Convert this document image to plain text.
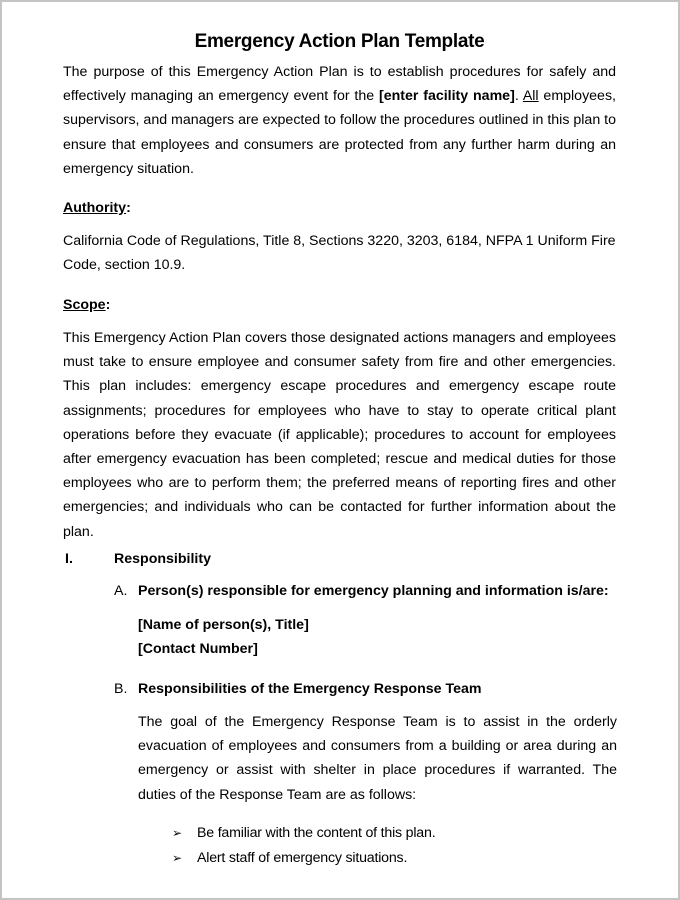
Emergency Action Plan Template

The purpose of this Emergency Action Plan is to establish procedures for safely and effectively managing an emergency event for the [enter facility name]. All employees, supervisors, and managers are expected to follow the procedures outlined in this plan to ensure that employees and consumers are protected from any further harm during an emergency situation.

Authority:

California Code of Regulations, Title 8, Sections 3220, 3203, 6184, NFPA 1 Uniform Fire Code, section 10.9.

Scope:

This Emergency Action Plan covers those designated actions managers and employees must take to ensure employee and consumer safety from fire and other emergencies. This plan includes: emergency escape procedures and emergency escape route assignments; procedures for employees who have to stay to operate critical plant operations before they evacuate (if applicable); procedures to account for employees after emergency evacuation has been completed; rescue and medical duties for those employees who are to perform them; the preferred means of reporting fires and other emergencies; and individuals who can be contacted for further information about the plan.

I.	Responsibility
A. Person(s) responsible for emergency planning and information is/are:
[Name of person(s), Title]
[Contact Number]
B. Responsibilities of the Emergency Response Team

The goal of the Emergency Response Team is to assist in the orderly evacuation of employees and consumers from a building or area during an emergency or assist with shelter in place procedures if warranted. The duties of the Response Team are as follows:

➢ Be familiar with the content of this plan.
➢ Alert staff of emergency situations.
